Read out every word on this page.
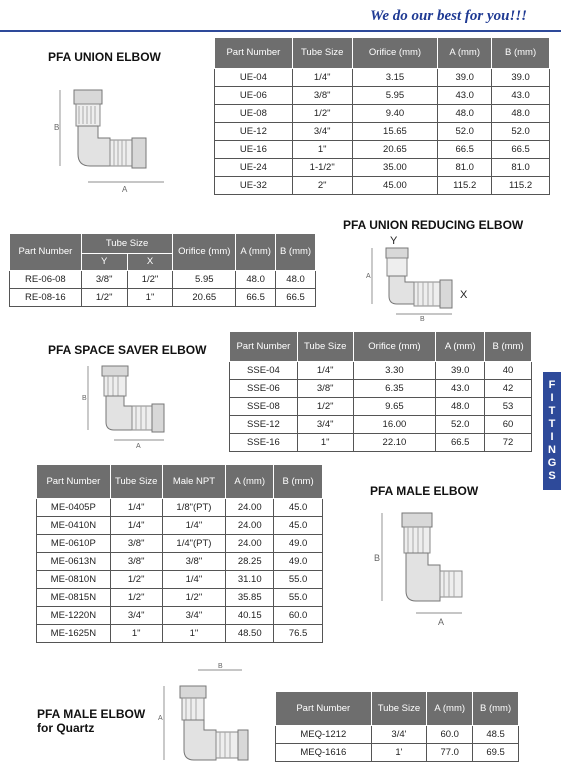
We do our best for you!!!
F
I
T
T
I
N
G
S
PFA UNION ELBOW
B
A
Part Number	Tube Size	Orifice (mm)	A (mm)	B (mm)
UE-04	1/4"	3.15	39.0	39.0
UE-06	3/8"	5.95	43.0	43.0
UE-08	1/2"	9.40	48.0	48.0
UE-12	3/4"	15.65	52.0	52.0
UE-16	1"	20.65	66.5	66.5
UE-24	1-1/2"	35.00	81.0	81.0
UE-32	2"	45.00	115.2	115.2
PFA UNION REDUCING ELBOW
Part Number	Tube Size		Orifice (mm)	A (mm)	B (mm)
	Y	X			
RE-06-08	3/8"	1/2"	5.95	48.0	48.0
RE-08-16	1/2"	1"	20.65	66.5	66.5
Y
X
A
B
PFA SPACE SAVER ELBOW
B
A
Part Number	Tube Size	Orifice (mm)	A (mm)	B (mm)
SSE-04	1/4"	3.30	39.0	40
SSE-06	3/8"	6.35	43.0	42
SSE-08	1/2"	9.65	48.0	53
SSE-12	3/4"	16.00	52.0	60
SSE-16	1"	22.10	66.5	72
Part Number	Tube Size	Male NPT	A (mm)	B (mm)
ME-0405P	1/4"	1/8"(PT)	24.00	45.0
ME-0410N	1/4"	1/4"	24.00	45.0
ME-0610P	3/8"	1/4"(PT)	24.00	49.0
ME-0613N	3/8"	3/8"	28.25	49.0
ME-0810N	1/2"	1/4"	31.10	55.0
ME-0815N	1/2"	1/2"	35.85	55.0
ME-1220N	3/4"	3/4"	40.15	60.0
ME-1625N	1"	1"	48.50	76.5
PFA MALE ELBOW
B
A
PFA MALE ELBOW
for Quartz
B
A
Part Number	Tube Size	A (mm)	B (mm)
MEQ-1212	3/4'	60.0	48.5
MEQ-1616	1'	77.0	69.5
